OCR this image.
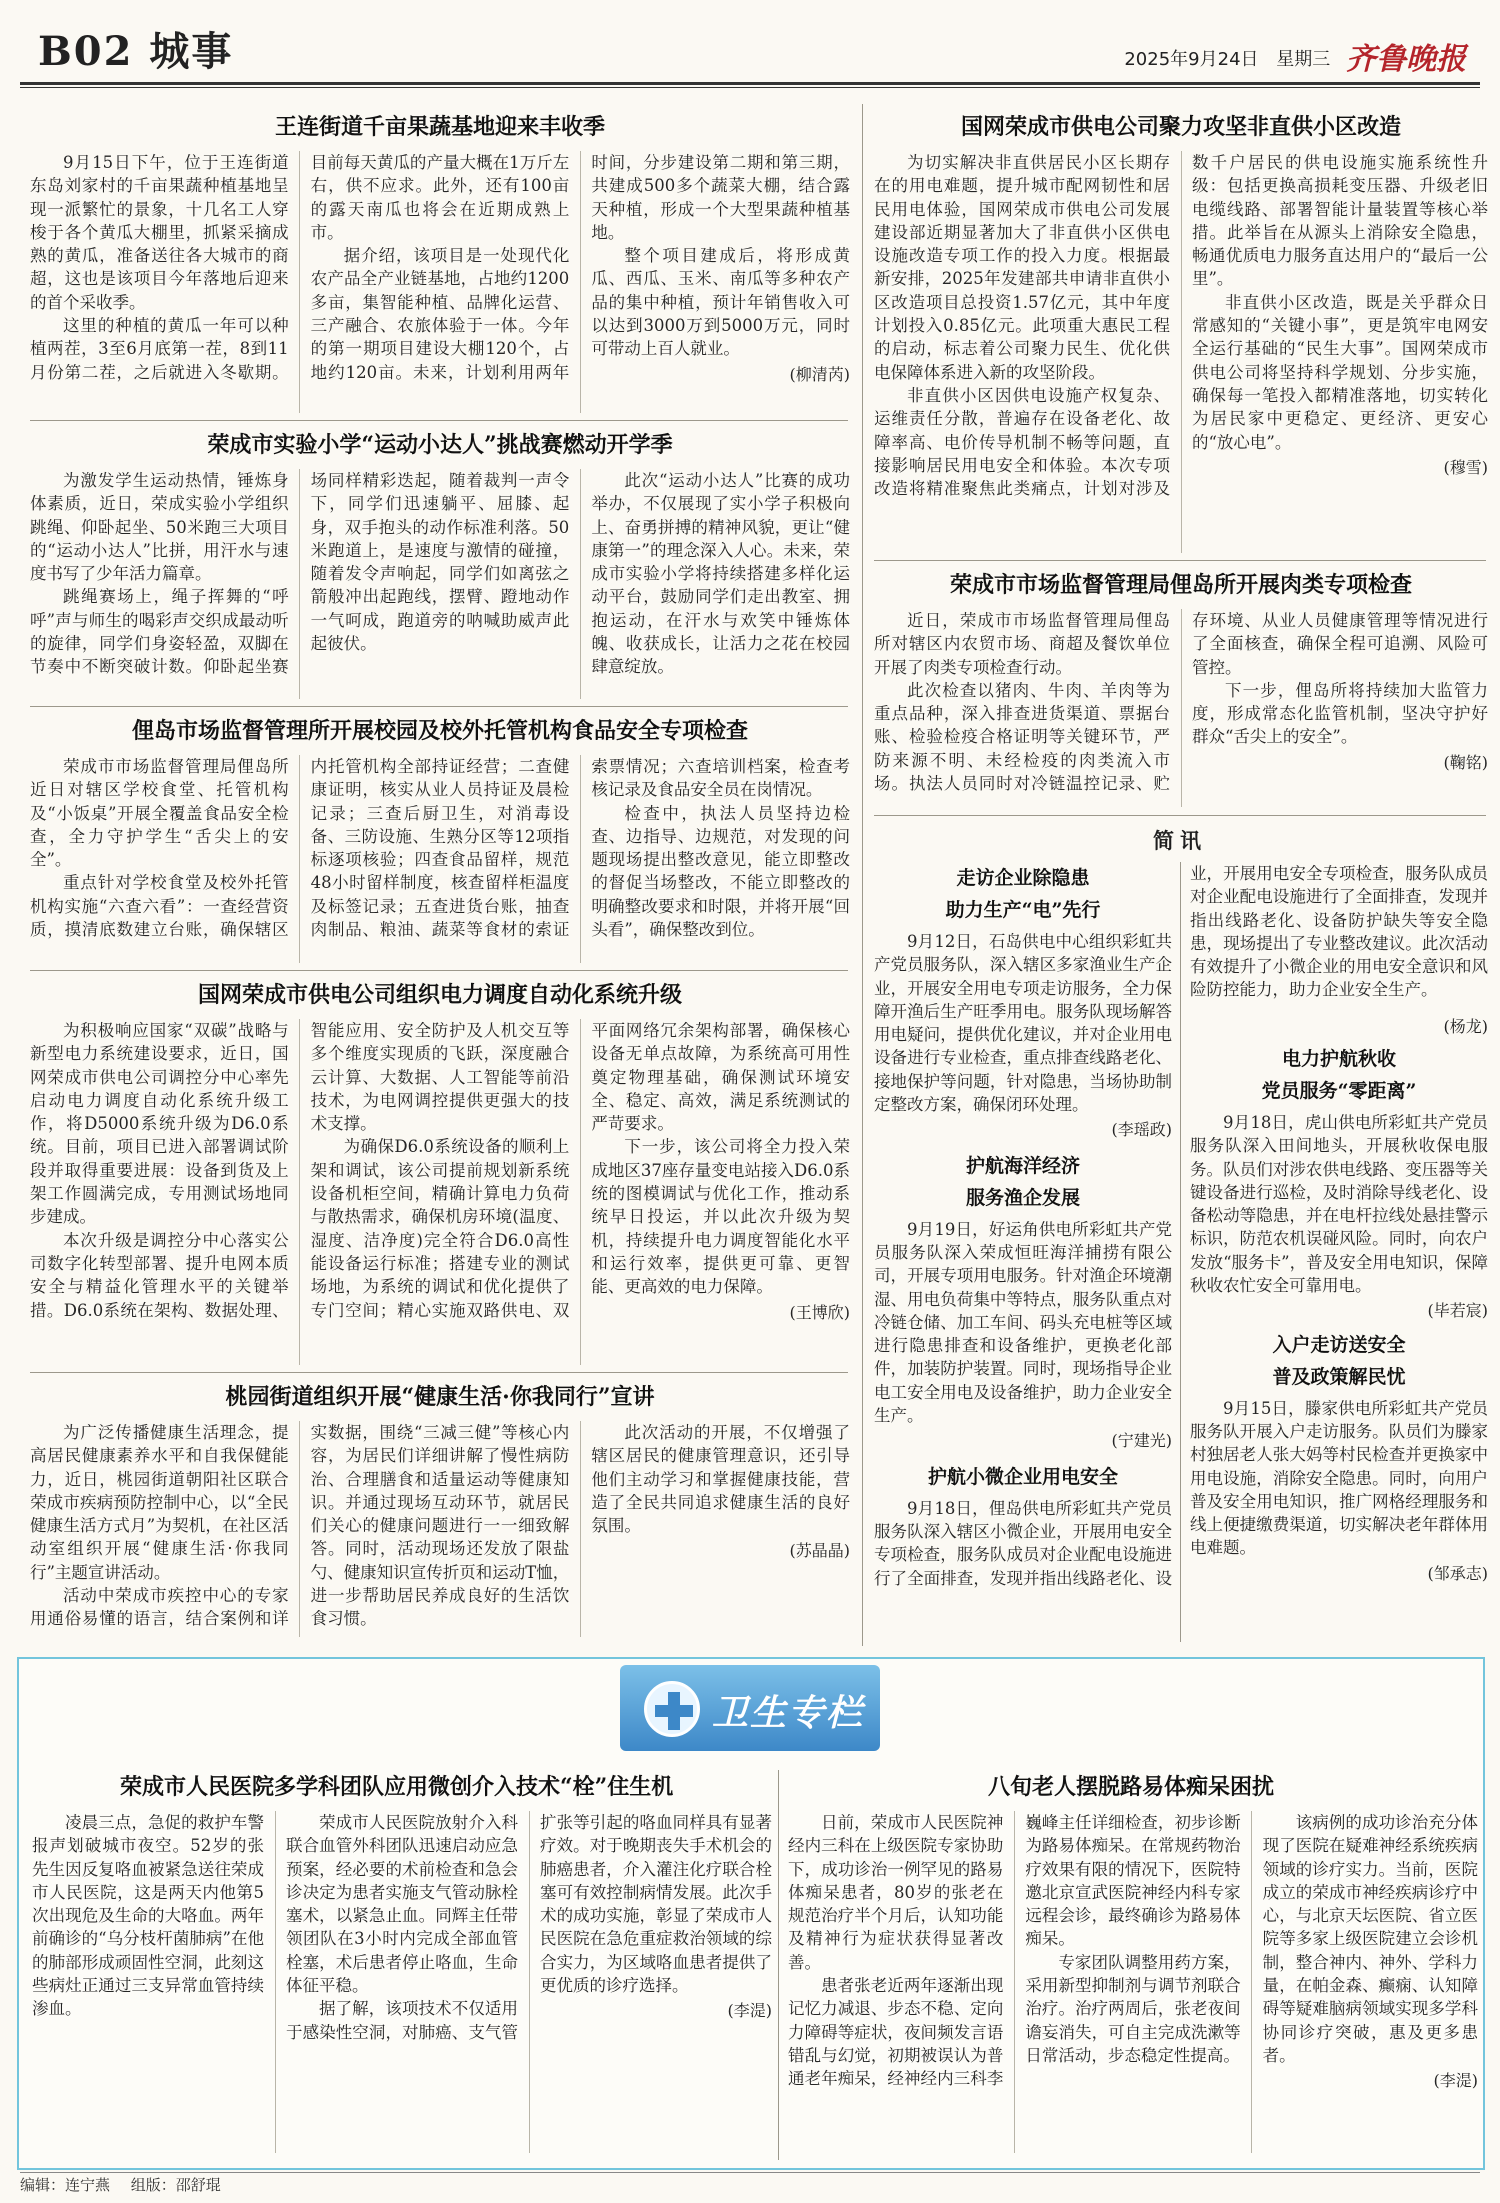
B02 城事	2025年9月24日 星期三 齐鲁晚报
王连街道千亩果蔬基地迎来丰收季

9月15日下午，位于王连街道东岛刘家村的千亩果蔬种植基地呈现一派繁忙的景象，十几名工人穿梭于各个黄瓜大棚里，抓紧采摘成熟的黄瓜，准备送往各大城市的商超，这也是该项目今年落地后迎来的首个采收季。

这里的种植的黄瓜一年可以种植两茬，3至6月底第一茬，8到11月份第二茬，之后就进入冬歇期。目前每天黄瓜的产量大概在1万斤左右，供不应求。此外，还有100亩的露天南瓜也将会在近期成熟上市。

据介绍，该项目是一处现代化农产品全产业链基地，占地约1200多亩，集智能种植、品牌化运营、三产融合、农旅体验于一体。今年的第一期项目建设大棚120个，占地约120亩。未来，计划利用两年时间，分步建设第二期和第三期，共建成500多个蔬菜大棚，结合露天种植，形成一个大型果蔬种植基地。

整个项目建成后，将形成黄瓜、西瓜、玉米、南瓜等多种农产品的集中种植，预计年销售收入可以达到3000万到5000万元，同时可带动上百人就业。

(柳清芮)
荣成市实验小学“运动小达人”挑战赛燃动开学季

为激发学生运动热情，锤炼身体素质，近日，荣成实验小学组织跳绳、仰卧起坐、50米跑三大项目的“运动小达人”比拼，用汗水与速度书写了少年活力篇章。

跳绳赛场上，绳子挥舞的“呼呼”声与师生的喝彩声交织成最动听的旋律，同学们身姿轻盈，双脚在节奏中不断突破计数。仰卧起坐赛场同样精彩迭起，随着裁判一声令下，同学们迅速躺平、屈膝、起身，双手抱头的动作标准利落。50米跑道上，是速度与激情的碰撞，随着发令声响起，同学们如离弦之箭般冲出起跑线，摆臂、蹬地动作一气呵成，跑道旁的呐喊助威声此起彼伏。

此次“运动小达人”比赛的成功举办，不仅展现了实小学子积极向上、奋勇拼搏的精神风貌，更让“健康第一”的理念深入人心。未来，荣成市实验小学将持续搭建多样化运动平台，鼓励同学们走出教室、拥抱运动，在汗水与欢笑中锤炼体魄、收获成长，让活力之花在校园肆意绽放。

俚岛市场监督管理所开展校园及校外托管机构食品安全专项检查

荣成市市场监督管理局俚岛所近日对辖区学校食堂、托管机构及“小饭桌”开展全覆盖食品安全检查，全力守护学生“舌尖上的安全”。

重点针对学校食堂及校外托管机构实施“六查六看”：一查经营资质，摸清底数建立台账，确保辖区内托管机构全部持证经营；二查健康证明，核实从业人员持证及晨检记录；三查后厨卫生，对消毒设备、三防设施、生熟分区等12项指标逐项核验；四查食品留样，规范48小时留样制度，核查留样柜温度及标签记录；五查进货台账，抽查肉制品、粮油、蔬菜等食材的索证索票情况；六查培训档案，检查考核记录及食品安全员在岗情况。

检查中，执法人员坚持边检查、边指导、边规范，对发现的问题现场提出整改意见，能立即整改的督促当场整改，不能立即整改的明确整改要求和时限，并将开展“回头看”，确保整改到位。

国网荣成市供电公司组织电力调度自动化系统升级

为积极响应国家“双碳”战略与新型电力系统建设要求，近日，国网荣成市供电公司调控分中心率先启动电力调度自动化系统升级工作，将D5000系统升级为D6.0系统。目前，项目已进入部署调试阶段并取得重要进展：设备到货及上架工作圆满完成，专用测试场地同步建成。

本次升级是调控分中心落实公司数字化转型部署、提升电网本质安全与精益化管理水平的关键举措。D6.0系统在架构、数据处理、智能应用、安全防护及人机交互等多个维度实现质的飞跃，深度融合云计算、大数据、人工智能等前沿技术，为电网调控提供更强大的技术支撑。

为确保D6.0系统设备的顺利上架和调试，该公司提前规划新系统设备机柜空间，精确计算电力负荷与散热需求，确保机房环境(温度、湿度、洁净度)完全符合D6.0高性能设备运行标准；搭建专业的测试场地，为系统的调试和优化提供了专门空间；精心实施双路供电、双平面网络冗余架构部署，确保核心设备无单点故障，为系统高可用性奠定物理基础，确保测试环境安全、稳定、高效，满足系统测试的严苛要求。

下一步，该公司将全力投入荣成地区37座存量变电站接入D6.0系统的图模调试与优化工作，推动系统早日投运，并以此次升级为契机，持续提升电力调度智能化水平和运行效率，提供更可靠、更智能、更高效的电力保障。

(王博欣)
桃园街道组织开展“健康生活·你我同行”宣讲

为广泛传播健康生活理念，提高居民健康素养水平和自我保健能力，近日，桃园街道朝阳社区联合荣成市疾病预防控制中心，以“全民健康生活方式月”为契机，在社区活动室组织开展“健康生活·你我同行”主题宣讲活动。

活动中荣成市疾控中心的专家用通俗易懂的语言，结合案例和详实数据，围绕“三减三健”等核心内容，为居民们详细讲解了慢性病防治、合理膳食和适量运动等健康知识。并通过现场互动环节，就居民们关心的健康问题进行一一细致解答。同时，活动现场还发放了限盐勺、健康知识宣传折页和运动T恤，进一步帮助居民养成良好的生活饮食习惯。

此次活动的开展，不仅增强了辖区居民的健康管理意识，还引导他们主动学习和掌握健康技能，营造了全民共同追求健康生活的良好氛围。

(苏晶晶)
国网荣成市供电公司聚力攻坚非直供小区改造

为切实解决非直供居民小区长期存在的用电难题，提升城市配网韧性和居民用电体验，国网荣成市供电公司发展建设部近期显著加大了非直供小区供电设施改造专项工作的投入力度。根据最新安排，2025年发建部共申请非直供小区改造项目总投资1.57亿元，其中年度计划投入0.85亿元。此项重大惠民工程的启动，标志着公司聚力民生、优化供电保障体系进入新的攻坚阶段。

非直供小区因供电设施产权复杂、运维责任分散，普遍存在设备老化、故障率高、电价传导机制不畅等问题，直接影响居民用电安全和体验。本次专项改造将精准聚焦此类痛点，计划对涉及数千户居民的供电设施实施系统性升级：包括更换高损耗变压器、升级老旧电缆线路、部署智能计量装置等核心举措。此举旨在从源头上消除安全隐患，畅通优质电力服务直达用户的“最后一公里”。

非直供小区改造，既是关乎群众日常感知的“关键小事”，更是筑牢电网安全运行基础的“民生大事”。国网荣成市供电公司将坚持科学规划、分步实施，确保每一笔投入都精准落地，切实转化为居民家中更稳定、更经济、更安心的“放心电”。

(穆雪)
荣成市市场监督管理局俚岛所开展肉类专项检查

近日，荣成市市场监督管理局俚岛所对辖区内农贸市场、商超及餐饮单位开展了肉类专项检查行动。

此次检查以猪肉、牛肉、羊肉等为重点品种，深入排查进货渠道、票据台账、检验检疫合格证明等关键环节，严防来源不明、未经检疫的肉类流入市场。执法人员同时对冷链温控记录、贮存环境、从业人员健康管理等情况进行了全面核查，确保全程可追溯、风险可管控。

下一步，俚岛所将持续加大监管力度，形成常态化监管机制，坚决守护好群众“舌尖上的安全”。

(鞠铭)
简讯
走访企业除隐患
助力生产“电”先行

9月12日，石岛供电中心组织彩虹共产党员服务队，深入辖区多家渔业生产企业，开展安全用电专项走访服务，全力保障开渔后生产旺季用电。服务队现场解答用电疑问，提供优化建议，并对企业用电设备进行专业检查，重点排查线路老化、接地保护等问题，针对隐患，当场协助制定整改方案，确保闭环处理。

(李瑶政)
护航海洋经济
服务渔企发展

9月19日，好运角供电所彩虹共产党员服务队深入荣成恒旺海洋捕捞有限公司，开展专项用电服务。针对渔企环境潮湿、用电负荷集中等特点，服务队重点对冷链仓储、加工车间、码头充电桩等区域进行隐患排查和设备维护，更换老化部件，加装防护装置。同时，现场指导企业电工安全用电及设备维护，助力企业安全生产。

(宁建光)
护航小微企业用电安全

9月18日，俚岛供电所彩虹共产党员服务队深入辖区小微企业，开展用电安全专项检查，服务队成员对企业配电设施进行了全面排查，发现并指出线路老化、设

业，开展用电安全专项检查，服务队成员对企业配电设施进行了全面排查，发现并指出线路老化、设备防护缺失等安全隐患，现场提出了专业整改建议。此次活动有效提升了小微企业的用电安全意识和风险防控能力，助力企业安全生产。

(杨龙)
电力护航秋收
党员服务“零距离”

9月18日，虎山供电所彩虹共产党员服务队深入田间地头，开展秋收保电服务。队员们对涉农供电线路、变压器等关键设备进行巡检，及时消除导线老化、设备松动等隐患，并在电杆拉线处悬挂警示标识，防范农机误碰风险。同时，向农户发放“服务卡”，普及安全用电知识，保障秋收农忙安全可靠用电。

(毕若宸)
入户走访送安全
普及政策解民忧

9月15日，滕家供电所彩虹共产党员服务队开展入户走访服务。队员们为滕家村独居老人张大妈等村民检查并更换家中用电设施，消除安全隐患。同时，向用户普及安全用电知识，推广网格经理服务和线上便捷缴费渠道，切实解决老年群体用电难题。

(邹承志)
卫生专栏
荣成市人民医院多学科团队应用微创介入技术“栓”住生机

凌晨三点，急促的救护车警报声划破城市夜空。52岁的张先生因反复咯血被紧急送往荣成市人民医院，这是两天内他第5次出现危及生命的大咯血。两年前确诊的“乌分枝杆菌肺病”在他的肺部形成顽固性空洞，此刻这些病灶正通过三支异常血管持续渗血。

荣成市人民医院放射介入科联合血管外科团队迅速启动应急预案，经必要的术前检查和急会诊决定为患者实施支气管动脉栓塞术，以紧急止血。同辉主任带领团队在3小时内完成全部血管栓塞，术后患者停止咯血，生命体征平稳。

据了解，该项技术不仅适用于感染性空洞，对肺癌、支气管扩张等引起的咯血同样具有显著疗效。对于晚期丧失手术机会的肺癌患者，介入灌注化疗联合栓塞可有效控制病情发展。此次手术的成功实施，彰显了荣成市人民医院在急危重症救治领域的综合实力，为区域咯血患者提供了更优质的诊疗选择。

(李湜)
八旬老人摆脱路易体痴呆困扰

日前，荣成市人民医院神经内三科在上级医院专家协助下，成功诊治一例罕见的路易体痴呆患者，80岁的张老在规范治疗半个月后，认知功能及精神行为症状获得显著改善。

患者张老近两年逐渐出现记忆力减退、步态不稳、定向力障碍等症状，夜间频发言语错乱与幻觉，初期被误认为普通老年痴呆，经神经内三科李巍峰主任详细检查，初步诊断为路易体痴呆。在常规药物治疗效果有限的情况下，医院特邀北京宣武医院神经内科专家远程会诊，最终确诊为路易体痴呆。

专家团队调整用药方案，采用新型抑制剂与调节剂联合治疗。治疗两周后，张老夜间谵妄消失，可自主完成洗漱等日常活动，步态稳定性提高。

该病例的成功诊治充分体现了医院在疑难神经系统疾病领域的诊疗实力。当前，医院成立的荣成市神经疾病诊疗中心，与北京天坛医院、省立医院等多家上级医院建立会诊机制，整合神内、神外、学科力量，在帕金森、癫痫、认知障碍等疑难脑病领域实现多学科协同诊疗突破，惠及更多患者。

(李湜)
编辑：连宁燕 组版：邵舒琨
